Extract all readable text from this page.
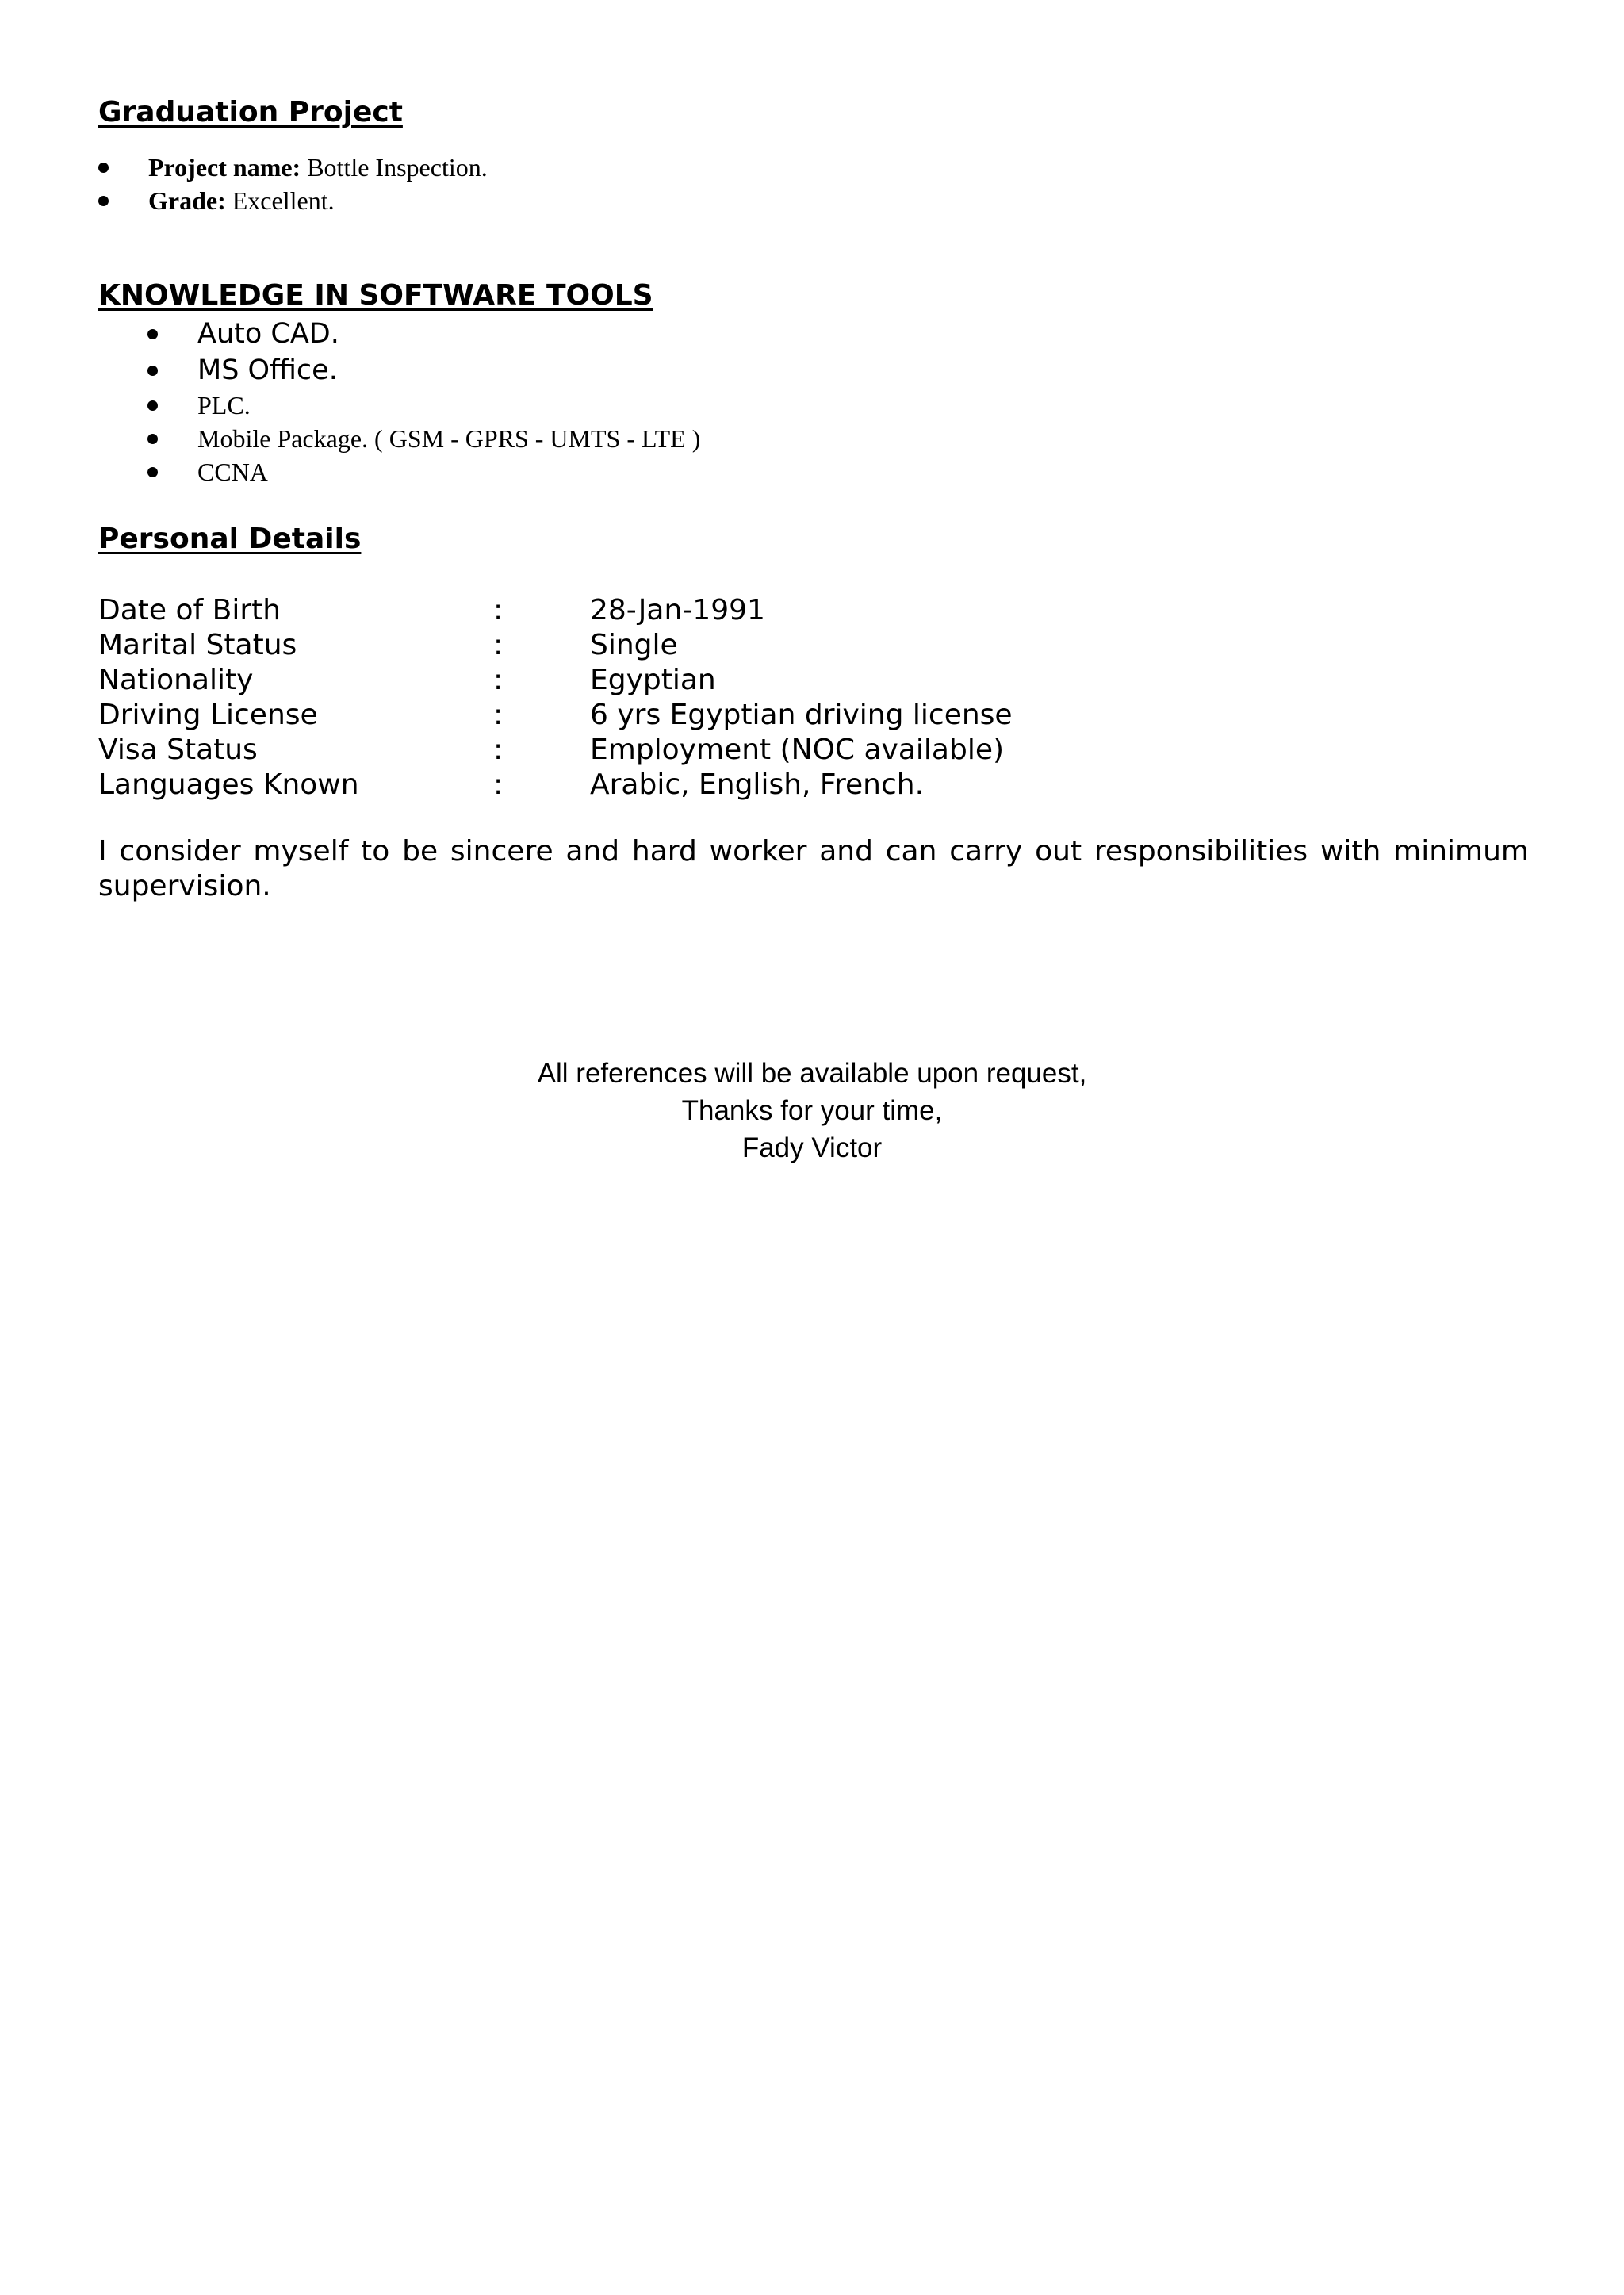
Graduation Project
Project name: Bottle Inspection.
Grade: Excellent.
KNOWLEDGE IN SOFTWARE TOOLS
Auto CAD.
MS Office.
PLC.
Mobile Package. ( GSM - GPRS - UMTS - LTE )
CCNA
Personal Details
Date of Birth	:	28-Jan-1991
Marital Status	:	Single
Nationality	:	Egyptian
Driving License	:	6 yrs Egyptian driving license
Visa Status	:	Employment (NOC available)
Languages Known	:	Arabic, English, French.

I consider myself to be sincere and hard worker and can carry out responsibilities with minimum supervision.

All references will be available upon request,
Thanks for your time,
Fady Victor
